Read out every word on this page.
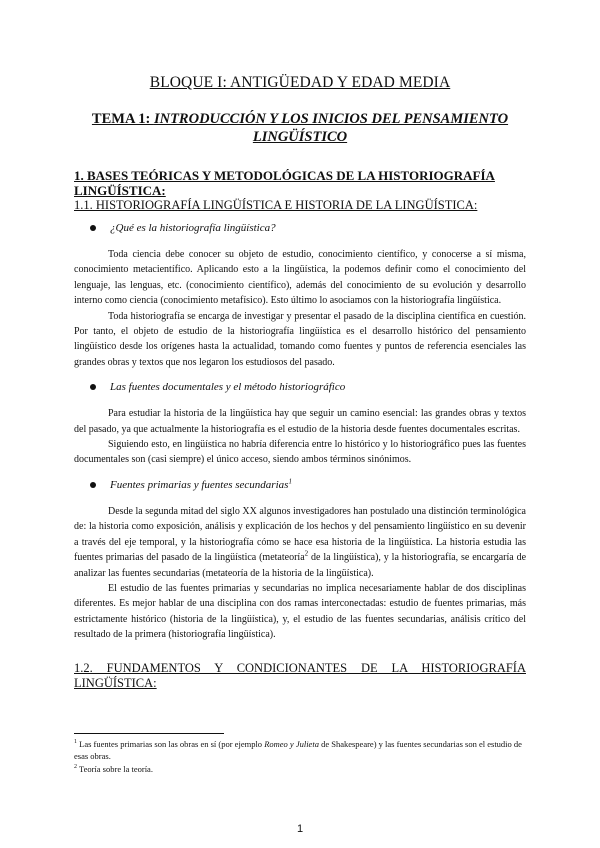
BLOQUE I: ANTIGÜEDAD Y EDAD MEDIA
TEMA 1: INTRODUCCIÓN Y LOS INICIOS DEL PENSAMIENTO LINGÜÍSTICO
1. BASES TEÓRICAS Y METODOLÓGICAS DE LA HISTORIOGRAFÍA LINGÜÍSTICA:
1.1. HISTORIOGRAFÍA LINGÜÍSTICA E HISTORIA DE LA LINGÜÍSTICA:
¿Qué es la historiografía lingüística?

Toda ciencia debe conocer su objeto de estudio, conocimiento científico, y conocerse a sí misma, conocimiento metacientífico. Aplicando esto a la lingüística, la podemos definir como el conocimiento del lenguaje, las lenguas, etc. (conocimiento científico), además del conocimiento de su evolución y desarrollo interno como ciencia (conocimiento metafísico). Esto último lo asociamos con la historiografía lingüística.

Toda historiografía se encarga de investigar y presentar el pasado de la disciplina científica en cuestión. Por tanto, el objeto de estudio de la historiografía lingüística es el desarrollo histórico del pensamiento lingüístico desde los orígenes hasta la actualidad, tomando como fuentes y puntos de referencia esenciales las grandes obras y textos que nos legaron los estudiosos del pasado.

Las fuentes documentales y el método historiográfico

Para estudiar la historia de la lingüística hay que seguir un camino esencial: las grandes obras y textos del pasado, ya que actualmente la historiografía es el estudio de la historia desde fuentes documentales escritas.

Siguiendo esto, en lingüística no habría diferencia entre lo histórico y lo historiográfico pues las fuentes documentales son (casi siempre) el único acceso, siendo ambos términos sinónimos.

Fuentes primarias y fuentes secundarias$^1$

Desde la segunda mitad del siglo XX algunos investigadores han postulado una distinción terminológica de: la historia como exposición, análisis y explicación de los hechos y del pensamiento lingüístico en su devenir a través del eje temporal, y la historiografía cómo se hace esa historia de la lingüística. La historia estudia las fuentes primarias del pasado de la lingüística (metateoría$^2$ de la lingüística), y la historiografía, se encargaría de analizar las fuentes secundarias (metateoría de la historia de la lingüística).

El estudio de las fuentes primarias y secundarias no implica necesariamente hablar de dos disciplinas diferentes. Es mejor hablar de una disciplina con dos ramas interconectadas: estudio de fuentes primarias, más estrictamente histórico (historia de la lingüística), y, el estudio de las fuentes secundarias, análisis crítico del resultado de la primera (historiografía lingüística).

1.2. FUNDAMENTOS Y CONDICIONANTES DE LA HISTORIOGRAFÍA LINGÜÍSTICA:

$^1$ Las fuentes primarias son las obras en sí (por ejemplo Romeo y Julieta de Shakespeare) y las fuentes secundarias son el estudio de esas obras.

$^2$ Teoría sobre la teoría.

1
